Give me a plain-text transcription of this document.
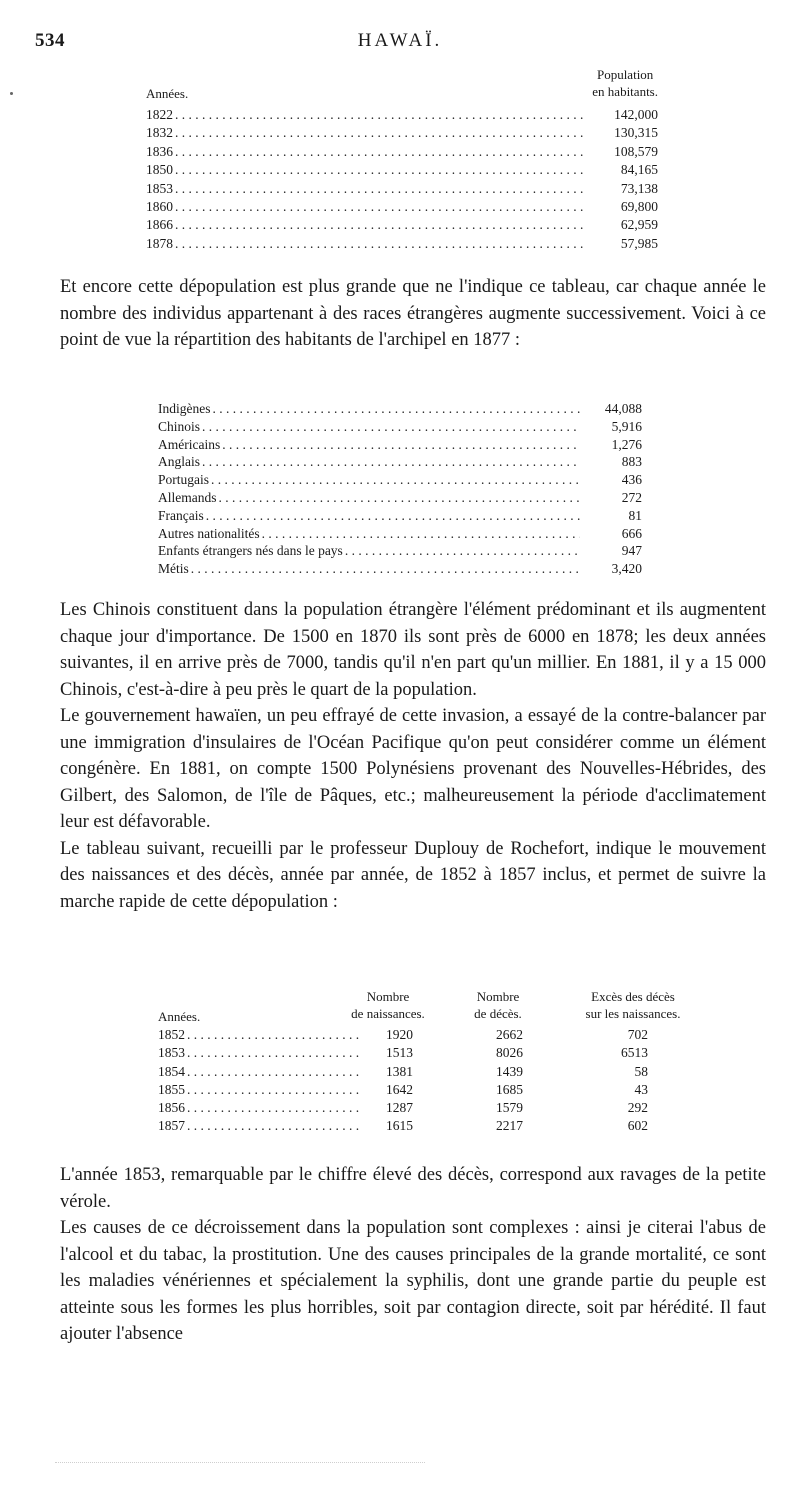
534	HAWAÏ.
Années.
Population
en habitants.
1822 . . .	142,000
1832 . . .	130,315
1836 . . .	108,579
1850 . . .	84,165
1853 . . .	73,138
1860 . . .	69,800
1866 . . .	62,959
1878 . . .	57,985

Et encore cette dépopulation est plus grande que ne l'indique ce tableau, car chaque année le nombre des individus appartenant à des races étrangères augmente successivement. Voici à ce point de vue la répartition des habitants de l'archipel en 1877 :

Indigènes . . .	44,088
Chinois . . .	5,916
Américains . . .	1,276
Anglais . . .	883
Portugais . . .	436
Allemands . . .	272
Français . . .	81
Autres nationalités . . .	666
Enfants étrangers nés dans le pays . . .	947
Métis . . .	3,420

Les Chinois constituent dans la population étrangère l'élément prédominant et ils augmentent chaque jour d'importance. De 1500 en 1870 ils sont près de 6000 en 1878; les deux années suivantes, il en arrive près de 7000, tandis qu'il n'en part qu'un millier. En 1881, il y a 15 000 Chinois, c'est-à-dire à peu près le quart de la population.

Le gouvernement hawaïen, un peu effrayé de cette invasion, a essayé de la contre-balancer par une immigration d'insulaires de l'Océan Pacifique qu'on peut considérer comme un élément congénère. En 1881, on compte 1500 Polynésiens provenant des Nouvelles-Hébrides, des Gilbert, des Salomon, de l'île de Pâques, etc.; malheureusement la période d'acclimatement leur est défavorable.

Le tableau suivant, recueilli par le professeur Duplouy de Rochefort, indique le mouvement des naissances et des décès, année par année, de 1852 à 1857 inclus, et permet de suivre la marche rapide de cette dépopulation :

Années.
Nombre
de naissances.
Nombre
de décès.
Excès des décès
sur les naissances.
1852 . . .	1920	2662	702
1853 . . .	1513	8026	6513
1854 . . .	1381	1439	58
1855 . . .	1642	1685	43
1856 . . .	1287	1579	292
1857 . . .	1615	2217	602

L'année 1853, remarquable par le chiffre élevé des décès, correspond aux ravages de la petite vérole.

Les causes de ce décroissement dans la population sont complexes : ainsi je citerai l'abus de l'alcool et du tabac, la prostitution. Une des causes principales de la grande mortalité, ce sont les maladies vénériennes et spécialement la syphilis, dont une grande partie du peuple est atteinte sous les formes les plus horribles, soit par contagion directe, soit par hérédité. Il faut ajouter l'absence
